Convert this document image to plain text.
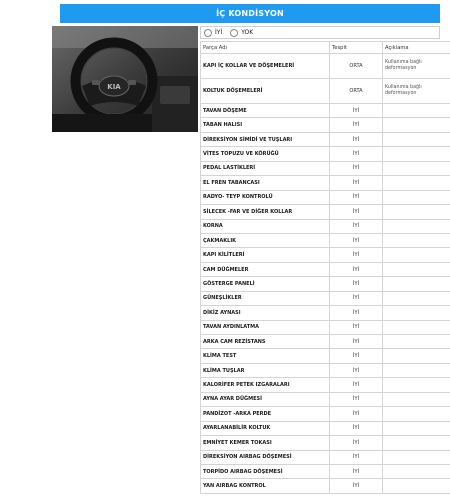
İÇ KONDİSYON
KIA
İYİ	YOK
Parça Adı	Tespit	Açıklama
KAPI İÇ KOLLAR VE DÖŞEMELERİ	ORTA	Kullanıma bağlı deformasyon
KOLTUK DÖŞEMELERİ	ORTA	Kullanıma bağlı deformasyon
TAVAN DÖŞEME	İYİ	
TABAN HALISI	İYİ	
DİREKSİYON SİMİDİ VE TUŞLARI	İYİ	
VİTES TOPUZU VE KÖRÜĞÜ	İYİ	
PEDAL LASTİKLERİ	İYİ	
EL FREN TABANCASI	İYİ	
RADYO- TEYP KONTROLÜ	İYİ	
SİLECEK -FAR VE DİĞER KOLLAR	İYİ	
KORNA	İYİ	
ÇAKMAKLIK	İYİ	
KAPI KİLİTLERİ	İYİ	
CAM DÜĞMELER	İYİ	
GÖSTERGE PANELİ	İYİ	
GÜNEŞLİKLER	İYİ	
DİKİZ AYNASI	İYİ	
TAVAN AYDINLATMA	İYİ	
ARKA CAM REZİSTANS	İYİ	
KLİMA TEST	İYİ	
KLİMA TUŞLAR	İYİ	
KALORİFER PETEK IZGARALARI	İYİ	
AYNA AYAR DÜĞMESİ	İYİ	
PANDİZOT -ARKA PERDE	İYİ	
AYARLANABİLİR KOLTUK	İYİ	
EMNİYET KEMER TOKASI	İYİ	
DİREKSİYON AIRBAG DÖŞEMESİ	İYİ	
TORPİDO AIRBAG DÖŞEMESİ	İYİ	
YAN AIRBAG KONTROL	İYİ	
